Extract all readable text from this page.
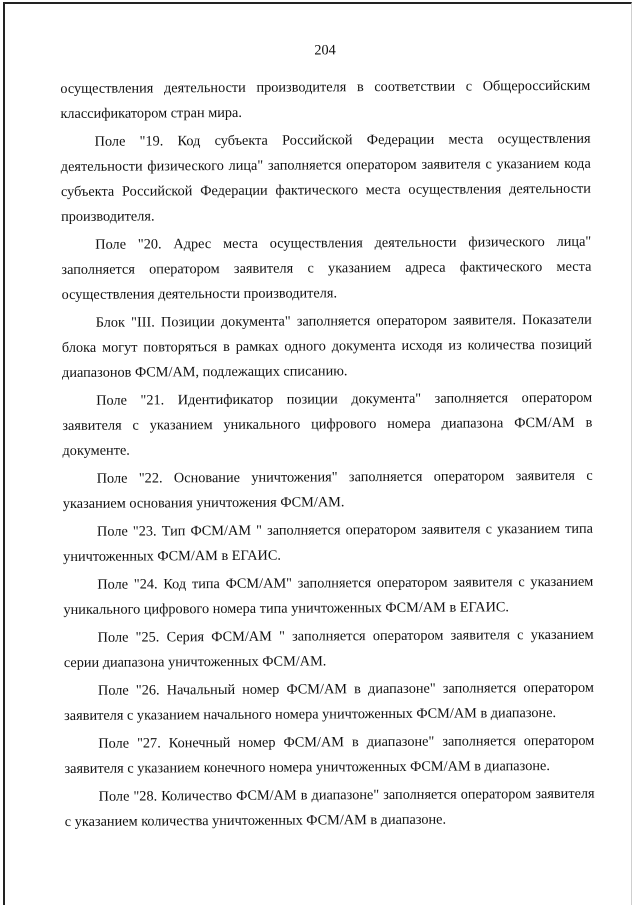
204

осуществления деятельности производителя в соответствии с Общероссийским классификатором стран мира.

Поле "19. Код субъекта Российской Федерации места осуществления деятельности физического лица" заполняется оператором заявителя с указанием кода субъекта Российской Федерации фактического места осуществления деятельности производителя.

Поле "20. Адрес места осуществления деятельности физического лица" заполняется оператором заявителя с указанием адреса фактического места осуществления деятельности производителя.

Блок "III. Позиции документа" заполняется оператором заявителя. Показатели блока могут повторяться в рамках одного документа исходя из количества позиций диапазонов ФСМ/АМ, подлежащих списанию.

Поле "21. Идентификатор позиции документа" заполняется оператором заявителя с указанием уникального цифрового номера диапазона ФСМ/АМ в документе.

Поле "22. Основание уничтожения" заполняется оператором заявителя с указанием основания уничтожения ФСМ/АМ.

Поле "23. Тип ФСМ/АМ " заполняется оператором заявителя с указанием типа уничтоженных ФСМ/АМ в ЕГАИС.

Поле "24. Код типа ФСМ/АМ" заполняется оператором заявителя с указанием уникального цифрового номера типа уничтоженных ФСМ/АМ в ЕГАИС.

Поле "25. Серия ФСМ/АМ " заполняется оператором заявителя с указанием серии диапазона уничтоженных ФСМ/АМ.

Поле "26. Начальный номер ФСМ/АМ в диапазоне" заполняется оператором заявителя с указанием начального номера уничтоженных ФСМ/АМ в диапазоне.

Поле "27. Конечный номер ФСМ/АМ в диапазоне" заполняется оператором заявителя с указанием конечного номера уничтоженных ФСМ/АМ в диапазоне.

Поле "28. Количество ФСМ/АМ в диапазоне" заполняется оператором заявителя с указанием количества уничтоженных ФСМ/АМ в диапазоне.
